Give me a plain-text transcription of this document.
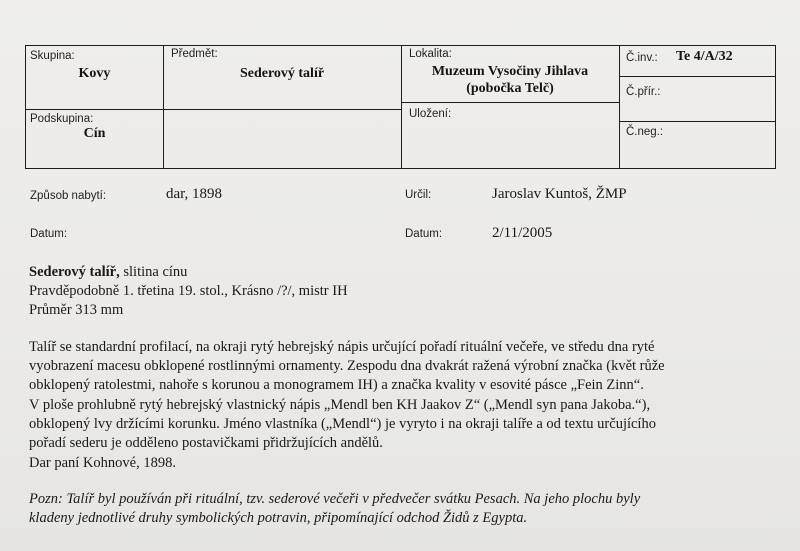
Skupina:
Kovy
Předmět:
Sederový talíř
Lokalita:
Muzeum Vysočiny Jihlava
(pobočka Telč)
Č.inv.: Te 4/A/32
Podskupina:
Cín
Uložení:
Č.přír.:
Č.neg.:
Způsob nabytí:	dar, 1898	Určil:	Jaroslav Kuntoš, ŽMP
Datum:	Datum:	2/11/2005
Sederový talíř, slitina cínu
Pravděpodobně 1. třetina 19. stol., Krásno /?/, mistr IH
Průměr 313 mm
Talíř se standardní profilací, na okraji rytý hebrejský nápis určující pořadí rituální večeře, ve středu dna ryté
vyobrazení macesu obklopené rostlinnými ornamenty. Zespodu dna dvakrát ražená výrobní značka (květ růže
obklopený ratolestmi, nahoře s korunou a monogramem IH) a značka kvality v esovité pásce „Fein Zinn“.
V ploše prohlubně rytý hebrejský vlastnický nápis „Mendl ben KH Jaakov Z“ („Mendl syn pana Jakoba.“),
obklopený lvy držícími korunku. Jméno vlastníka („Mendl“) je vyryto i na okraji talíře a od textu určujícího
pořadí sederu je odděleno postavičkami přidržujících andělů.
Dar paní Kohnové, 1898.
Pozn: Talíř byl používán při rituální, tzv. sederové večeři v předvečer svátku Pesach. Na jeho plochu byly
kladeny jednotlivé druhy symbolických potravin, připomínající odchod Židů z Egypta.
